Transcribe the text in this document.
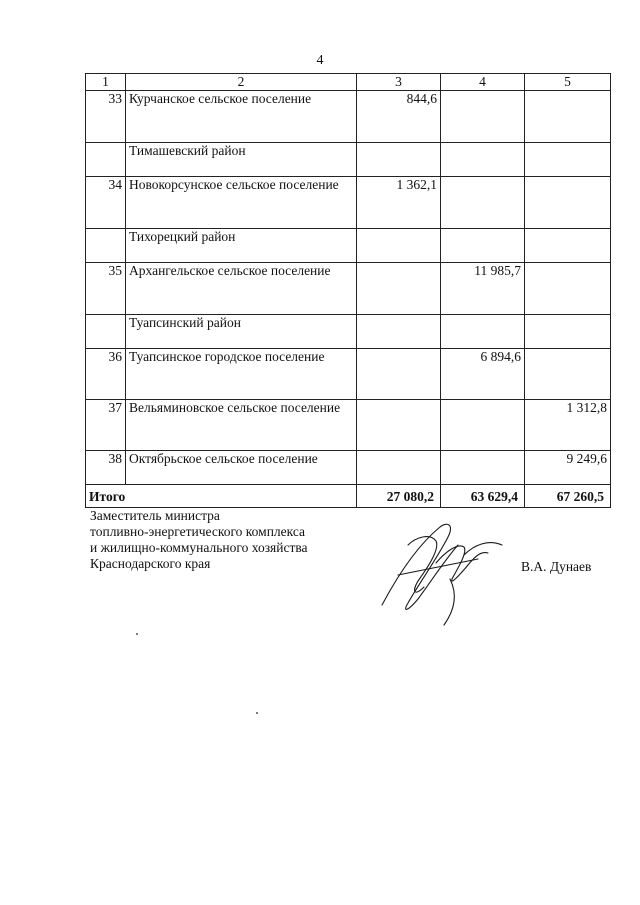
4
1	2	3	4	5
33	Курчанское сельское поселение	844,6		
	Тимашевский район			
34	Новокорсунское сельское поселение	1 362,1		
	Тихорецкий район			
35	Архангельское сельское поселение		11 985,7	
	Туапсинский район			
36	Туапсинское городское поселение		6 894,6	
37	Вельяминовское сельское поселение			1 312,8
38	Октябрьское сельское поселение			9 249,6
Итого		27 080,2	63 629,4	67 260,5
Заместитель министра
топливно-энергетического комплекса
и жилищно-коммунального хозяйства
Краснодарского края	В.А. Дунаев
